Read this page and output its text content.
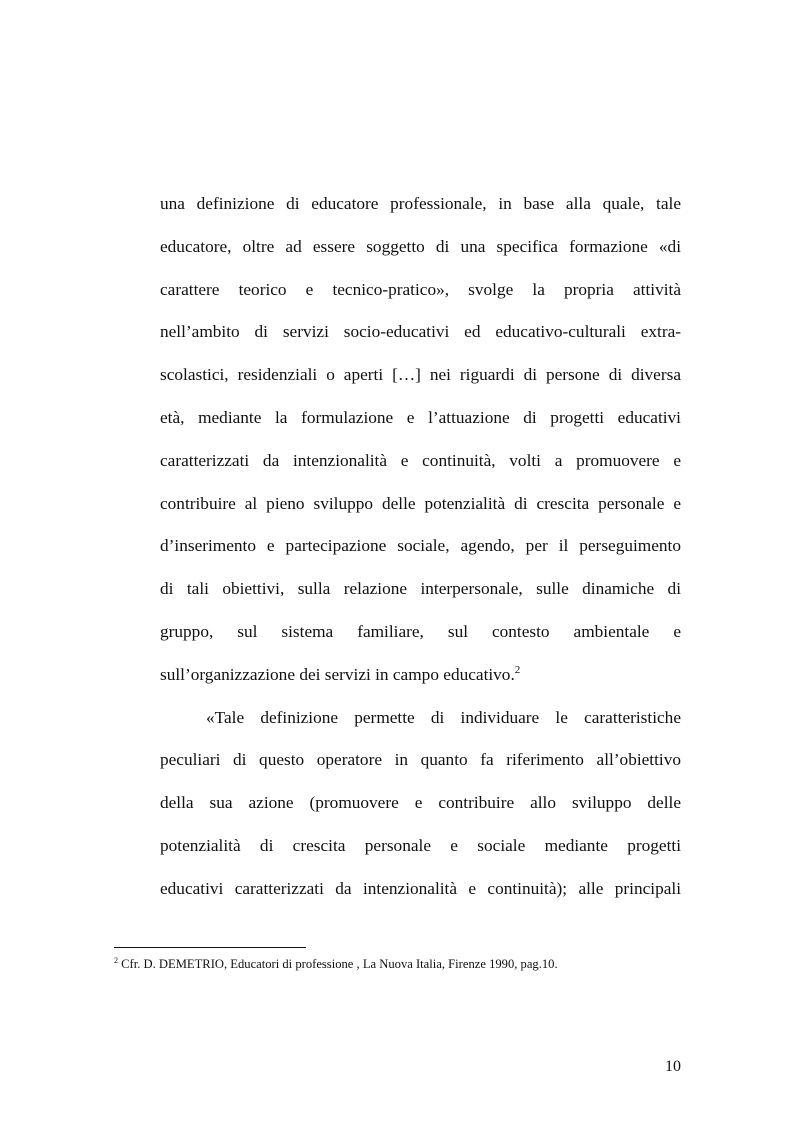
una definizione di educatore professionale, in base alla quale, tale
educatore, oltre ad essere soggetto di una specifica formazione «di
carattere teorico e tecnico-pratico», svolge la propria attività
nell’ambito di servizi socio-educativi ed educativo-culturali extra-
scolastici, residenziali o aperti […] nei riguardi di persone di diversa
età, mediante la formulazione e l’attuazione di progetti educativi
caratterizzati da intenzionalità e continuità, volti a promuovere e
contribuire al pieno sviluppo delle potenzialità di crescita personale e
d’inserimento e partecipazione sociale, agendo, per il perseguimento
di tali obiettivi, sulla relazione interpersonale, sulle dinamiche di
gruppo, sul sistema familiare, sul contesto ambientale e
sull’organizzazione dei servizi in campo educativo.$^2$
«Tale definizione permette di individuare le caratteristiche
peculiari di questo operatore in quanto fa riferimento all’obiettivo
della sua azione (promuovere e contribuire allo sviluppo delle
potenzialità di crescita personale e sociale mediante progetti
educativi caratterizzati da intenzionalità e continuità); alle principali
$^2$ Cfr. D. DEMETRIO, Educatori di professione , La Nuova Italia, Firenze 1990, pag.10.
10
